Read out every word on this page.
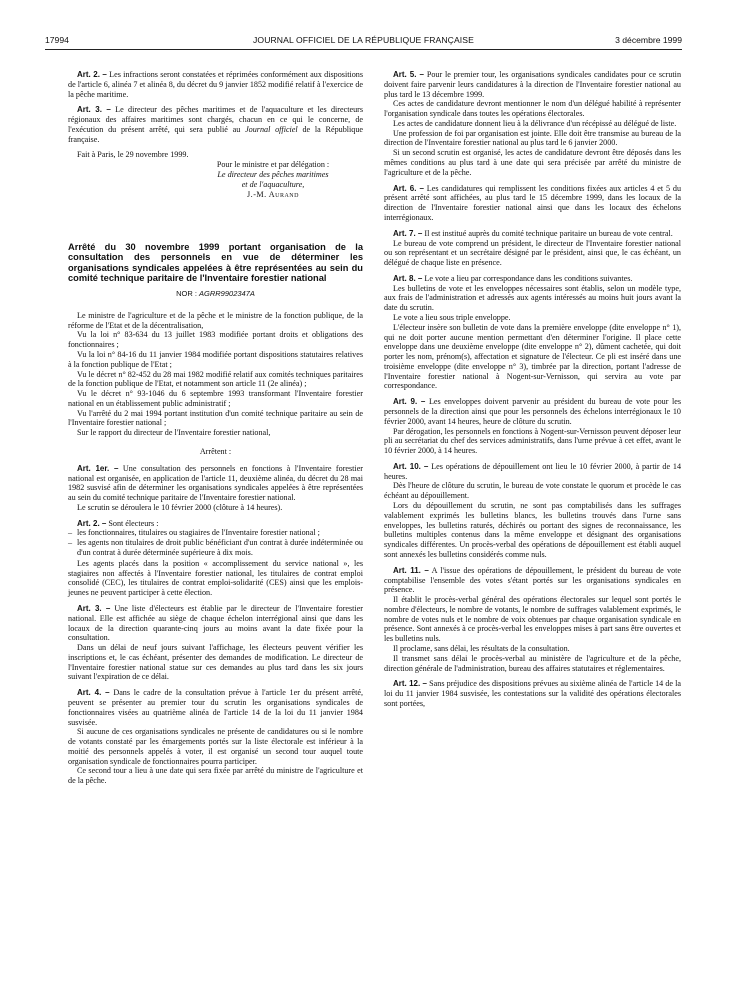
17994	JOURNAL OFFICIEL DE LA RÉPUBLIQUE FRANÇAISE	3 décembre 1999

Art. 2. – Les infractions seront constatées et réprimées conformément aux dispositions de l'article 6, alinéa 7 et alinéa 8, du décret du 9 janvier 1852 modifié relatif à l'exercice de la pêche maritime.

Art. 3. – Le directeur des pêches maritimes et de l'aquaculture et les directeurs régionaux des affaires maritimes sont chargés, chacun en ce qui le concerne, de l'exécution du présent arrêté, qui sera publié au Journal officiel de la République française.

Fait à Paris, le 29 novembre 1999.

Pour le ministre et par délégation :

Le directeur des pêches maritimes

et de l'aquaculture,

J.-M. Aurand

Arrêté du 30 novembre 1999 portant organisation de la consultation des personnels en vue de déterminer les organisations syndicales appelées à être représentées au sein du comité technique paritaire de l'Inventaire forestier national

NOR : AGRR9902347A

Le ministre de l'agriculture et de la pêche et le ministre de la fonction publique, de la réforme de l'Etat et de la décentralisation,

Vu la loi n° 83-634 du 13 juillet 1983 modifiée portant droits et obligations des fonctionnaires ;

Vu la loi n° 84-16 du 11 janvier 1984 modifiée portant dispositions statutaires relatives à la fonction publique de l'Etat ;

Vu le décret n° 82-452 du 28 mai 1982 modifié relatif aux comités techniques paritaires de la fonction publique de l'Etat, et notamment son article 11 (2e alinéa) ;

Vu le décret n° 93-1046 du 6 septembre 1993 transformant l'Inventaire forestier national en un établissement public administratif ;

Vu l'arrêté du 2 mai 1994 portant institution d'un comité technique paritaire au sein de l'Inventaire forestier national ;

Sur le rapport du directeur de l'Inventaire forestier national,

Arrêtent :

Art. 1er. – Une consultation des personnels en fonctions à l'Inventaire forestier national est organisée, en application de l'article 11, deuxième alinéa, du décret du 28 mai 1982 susvisé afin de déterminer les organisations syndicales appelées à être représentées au sein du comité technique paritaire de l'Inventaire forestier national.

Le scrutin se déroulera le 10 février 2000 (clôture à 14 heures).

Art. 2. – Sont électeurs :

– les fonctionnaires, titulaires ou stagiaires de l'Inventaire forestier national ;

– les agents non titulaires de droit public bénéficiant d'un contrat à durée indéterminée ou d'un contrat à durée déterminée supérieure à dix mois.

Les agents placés dans la position « accomplissement du service national », les stagiaires non affectés à l'Inventaire forestier national, les titulaires de contrat emploi consolidé (CEC), les titulaires de contrat emploi-solidarité (CES) ainsi que les emplois-jeunes ne peuvent participer à cette élection.

Art. 3. – Une liste d'électeurs est établie par le directeur de l'Inventaire forestier national. Elle est affichée au siège de chaque échelon interrégional ainsi que dans les locaux de la direction quarante-cinq jours au moins avant la date fixée pour la consultation.

Dans un délai de neuf jours suivant l'affichage, les électeurs peuvent vérifier les inscriptions et, le cas échéant, présenter des demandes de modification. Le directeur de l'Inventaire forestier national statue sur ces demandes au plus tard dans les six jours suivant l'expiration de ce délai.

Art. 4. – Dans le cadre de la consultation prévue à l'article 1er du présent arrêté, peuvent se présenter au premier tour du scrutin les organisations syndicales de fonctionnaires visées au quatrième alinéa de l'article 14 de la loi du 11 janvier 1984 susvisée.

Si aucune de ces organisations syndicales ne présente de candidatures ou si le nombre de votants constaté par les émargements portés sur la liste électorale est inférieur à la moitié des personnels appelés à voter, il est organisé un second tour auquel toute organisation syndicale de fonctionnaires pourra participer.

Ce second tour a lieu à une date qui sera fixée par arrêté du ministre de l'agriculture et de la pêche.

Art. 5. – Pour le premier tour, les organisations syndicales candidates pour ce scrutin doivent faire parvenir leurs candidatures à la direction de l'Inventaire forestier national au plus tard le 13 décembre 1999.

Ces actes de candidature devront mentionner le nom d'un délégué habilité à représenter l'organisation syndicale dans toutes les opérations électorales.

Les actes de candidature donnent lieu à la délivrance d'un récépissé au délégué de liste.

Une profession de foi par organisation est jointe. Elle doit être transmise au bureau de la direction de l'Inventaire forestier national au plus tard le 6 janvier 2000.

Si un second scrutin est organisé, les actes de candidature devront être déposés dans les mêmes conditions au plus tard à une date qui sera précisée par arrêté du ministre de l'agriculture et de la pêche.

Art. 6. – Les candidatures qui remplissent les conditions fixées aux articles 4 et 5 du présent arrêté sont affichées, au plus tard le 15 décembre 1999, dans les locaux de la direction de l'Inventaire forestier national ainsi que dans les locaux des échelons interrégionaux.

Art. 7. – Il est institué auprès du comité technique paritaire un bureau de vote central.

Le bureau de vote comprend un président, le directeur de l'Inventaire forestier national ou son représentant et un secrétaire désigné par le président, ainsi que, le cas échéant, un délégué de chaque liste en présence.

Art. 8. – Le vote a lieu par correspondance dans les conditions suivantes.

Les bulletins de vote et les enveloppes nécessaires sont établis, selon un modèle type, aux frais de l'administration et adressés aux agents intéressés au moins huit jours avant la date du scrutin.

Le vote a lieu sous triple enveloppe.

L'électeur insère son bulletin de vote dans la première enveloppe (dite enveloppe n° 1), qui ne doit porter aucune mention permettant d'en déterminer l'origine. Il place cette enveloppe dans une deuxième enveloppe (dite enveloppe n° 2), dûment cachetée, qui doit porter les nom, prénom(s), affectation et signature de l'électeur. Ce pli est inséré dans une troisième enveloppe (dite enveloppe n° 3), timbrée par la direction, portant l'adresse de l'Inventaire forestier national à Nogent-sur-Vernisson, qui servira au vote par correspondance.

Art. 9. – Les enveloppes doivent parvenir au président du bureau de vote pour les personnels de la direction ainsi que pour les personnels des échelons interrégionaux le 10 février 2000, avant 14 heures, heure de clôture du scrutin.

Par dérogation, les personnels en fonctions à Nogent-sur-Vernisson peuvent déposer leur pli au secrétariat du chef des services administratifs, dans l'urne prévue à cet effet, avant le 10 février 2000, à 14 heures.

Art. 10. – Les opérations de dépouillement ont lieu le 10 février 2000, à partir de 14 heures.

Dès l'heure de clôture du scrutin, le bureau de vote constate le quorum et procède le cas échéant au dépouillement.

Lors du dépouillement du scrutin, ne sont pas comptabilisés dans les suffrages valablement exprimés les bulletins blancs, les bulletins trouvés dans l'urne sans enveloppes, les bulletins raturés, déchirés ou portant des signes de reconnaissance, les bulletins multiples contenus dans la même enveloppe et désignant des organisations syndicales différentes. Un procès-verbal des opérations de dépouillement est établi auquel sont annexés les bulletins considérés comme nuls.

Art. 11. – A l'issue des opérations de dépouillement, le président du bureau de vote comptabilise l'ensemble des votes s'étant portés sur les organisations syndicales en présence.

Il établit le procès-verbal général des opérations électorales sur lequel sont portés le nombre d'électeurs, le nombre de votants, le nombre de suffrages valablement exprimés, le nombre de votes nuls et le nombre de voix obtenues par chaque organisation syndicale en présence. Sont annexés à ce procès-verbal les enveloppes mises à part sans être ouvertes et les bulletins nuls.

Il proclame, sans délai, les résultats de la consultation.

Il transmet sans délai le procès-verbal au ministère de l'agriculture et de la pêche, direction générale de l'administration, bureau des affaires statutaires et réglementaires.

Art. 12. – Sans préjudice des dispositions prévues au sixième alinéa de l'article 14 de la loi du 11 janvier 1984 susvisée, les contestations sur la validité des opérations électorales sont portées,
